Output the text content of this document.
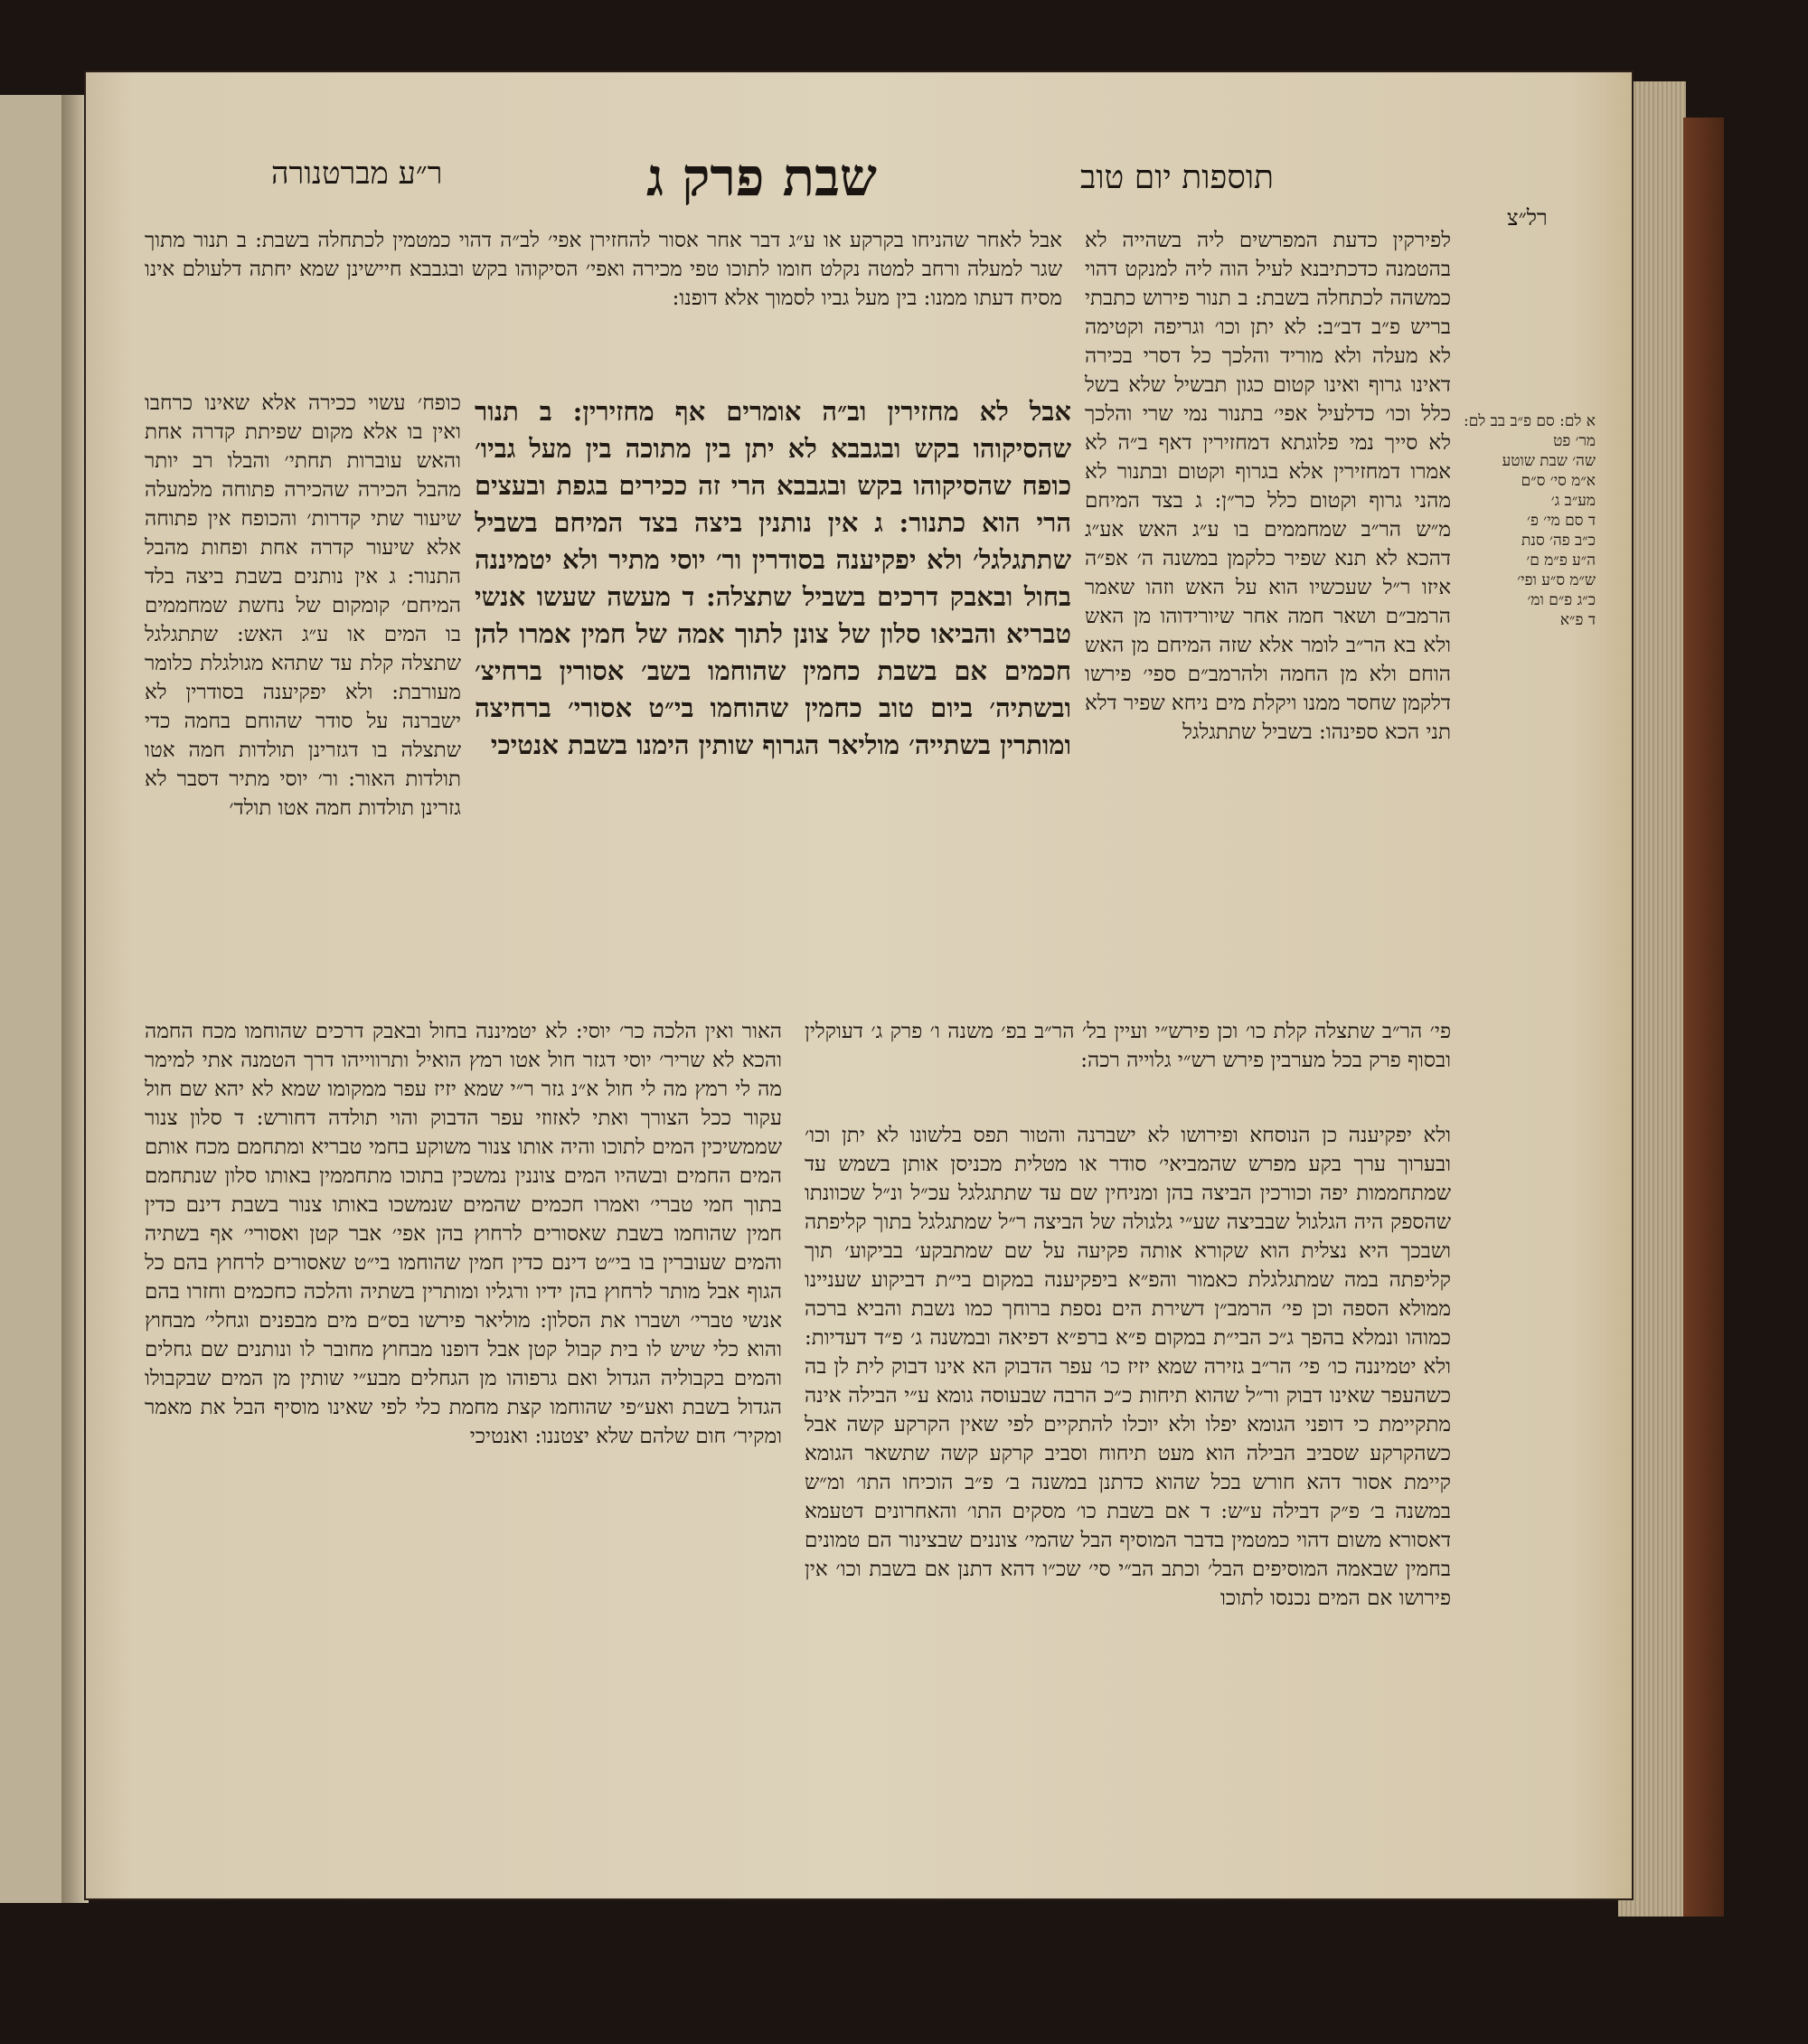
תוספות יום טוב
שבת פרק ג
ר״ע מברטנורה
רל״צ
א לם: סם פ״ב בב לם: מר׳ פט
שה׳ שבת שוטע
א״מ סי׳ ס״ם
מע״ב ג׳
ד סם מי׳ פ׳
כ״ב פה׳ סנת
ה״ע פ״מ ם׳
ש״מ ס״ע ופי׳
כ״ג פ״ם ומ׳
ד פ״א

לפירקין כדעת המפרשים ליה בשהייה לא בהטמנה כדכתיבנא לעיל הוה ליה למנקט דהוי כמשהה לכתחלה בשבת: ב תנור פירוש כתבתי בריש פ״ב דב״ב: לא יתן וכו׳ וגריפה וקטימה לא מעלה ולא מוריד והלכך כל דסרי בכירה דאינו גרוף ואינו קטום כגון תבשיל שלא בשל כלל וכו׳ כדלעיל אפי׳ בתנור נמי שרי והלכך לא סייך נמי פלוגתא דמחזירין דאף ב״ה לא אמרו דמחזירין אלא בגרוף וקטום ובתנור לא מהני גרוף וקטום כלל כר״ן: ג בצד המיחם מ״ש הר״ב שמחממים בו ע״ג האש אע״ג דהכא לא תנא שפיר כלקמן במשנה ה׳ אפ״ה איזו ר״ל שעכשיו הוא על האש וזהו שאמר הרמב״ם ושאר חמה אחר שיורידוהו מן האש ולא בא הר״ב לומר אלא שזה המיחם מן האש הוחם ולא מן החמה ולהרמב״ם ספי׳ פירשו דלקמן שחסר ממנו ויקלת מים ניחא שפיר דלא תני הכא ספינהו: בשביל שתתגלגל

אבל לא מחזירין וב״ה אומרים אף מחזירין: ב תנור שהסיקוהו בקש ובגבבא לא יתן בין מתוכה בין מעל גביו׳ כופח שהסיקוהו בקש ובגבבא הרי זה ככירים בגפת ובעצים הרי הוא כתנור: ג אין נותנין ביצה בצד המיחם בשביל שתתגלגל׳ ולא יפקיענה בסודרין ור׳ יוסי מתיר ולא יטמיננה בחול ובאבק דרכים בשביל שתצלה: ד מעשה שעשו אנשי טבריא והביאו סלון של צונן לתוך אמה של חמין אמרו להן חכמים אם בשבת כחמין שהוחמו בשב׳ אסורין ברחיצ׳ ובשתיה׳ ביום טוב כחמין שהוחמו בי״ט אסורי׳ ברחיצה ומותרין בשתייה׳ מוליאר הגרוף שותין הימנו בשבת אנטיכי

אבל לאחר שהניחו בקרקע או ע״ג דבר אחר אסור להחזירן אפי׳ לב״ה דהוי כמטמין לכתחלה בשבת: ב תנור מתוך שגר למעלה ורחב למטה נקלט חומו לתוכו טפי מכירה ואפי׳ הסיקוהו בקש ובגבבא חיישינן שמא יחתה דלעולם אינו מסיח דעתו ממנו: בין מעל גביו לסמוך אלא דופנו:

כופח׳ עשוי ככירה אלא שאינו כרחבו ואין בו אלא מקום שפיתת קדרה אחת והאש עוברות תחתי׳ והבלו רב יותר מהבל הכירה שהכירה פתוחה מלמעלה שיעור שתי קדרות׳ והכופח אין פתוחה אלא שיעור קדרה אחת ופחות מהבל התנור: ג אין נותנים בשבת ביצה בלד המיחם׳ קומקום של נחשת שמחממים בו המים או ע״ג האש: שתתגלגל שתצלה קלת עד שתהא מגולגלת כלומר מעורבת: ולא יפקיענה בסודרין לא ישברנה על סודר שהוחם בחמה כדי שתצלה בו דגזרינן תולדות חמה אטו תולדות האור: ור׳ יוסי מתיר דסבר לא גזרינן תולדות חמה אטו תולד׳

האור ואין הלכה כר׳ יוסי: לא יטמיננה בחול ובאבק דרכים שהוחמו מכח החמה והכא לא שריר׳ יוסי דגזר חול אטו רמץ הואיל ותרווייהו דרך הטמנה אתי למימר מה לי רמץ מה לי חול א״נ גזר ר״י שמא יזיז עפר ממקומו שמא לא יהא שם חול עקור ככל הצורך ואתי לאזוזי עפר הדבוק והוי תולדה דחורש: ד סלון צנור שממשיכין המים לתוכו והיה אותו צנור משוקע בחמי טבריא ומתחמם מכח אותם המים החמים ובשהיו המים צוננין נמשכין בתוכו מתחממין באותו סלון שנתחמם בתוך חמי טברי׳ ואמרו חכמים שהמים שנמשכו באותו צנור בשבת דינם כדין חמין שהוחמו בשבת שאסורים לרחוץ בהן אפי׳ אבר קטן ואסורי׳ אף בשתיה והמים שעוברין בו בי״ט דינם כדין חמין שהוחמו בי״ט שאסורים לרחוץ בהם כל הגוף אבל מותר לרחוץ בהן ידיו ורגליו ומותרין בשתיה והלכה כחכמים וחזרו בהם אנשי טברי׳ ושברו את הסלון: מוליאר פירשו בס״ם מים מבפנים וגחלי׳ מבחוץ והוא כלי שיש לו בית קבול קטן אבל דופנו מבחוץ מחובר לו ונותנים שם גחלים והמים בקבוליה הגדול ואם גרפוהו מן הגחלים מבע״י שותין מן המים שבקבולו הגדול בשבת ואע״פי שהוחמו קצת מחמת כלי לפי שאינו מוסיף הבל את מאמר ומקיר׳ חום שלהם שלא יצטננו: ואנטיכי

פי׳ הר״ב שתצלה קלת כו׳ וכן פירש״י ועיין בל׳ הר״ב בפ׳ משנה ו׳ פרק ג׳ דעוקלין ובסוף פרק בכל מערבין פירש רש״י גלוייה רכה:

ולא יפקיענה כן הנוסחא ופירושו לא ישברנה והטור תפס בלשונו לא יתן וכו׳ ובערוך ערך בקע מפרש שהמביאי׳ סודר או מטלית מכניסן אותן בשמש עד שמתחממות יפה וכורכין הביצה בהן ומניחין שם עד שתתגלגל עכ״ל ונ״ל שכוונתו שהספק היה הגלגול שבביצה שע״י גלגולה של הביצה ר״ל שמתגלגל בתוך קליפתה ושבכך היא נצלית הוא שקורא אותה פקיעה על שם שמתבקע׳ בביקוע׳ תוך קליפתה במה שמתגלגלת כאמור והפ״א ביפקיענה במקום בי״ת דביקוע שעניינו ממולא הספה וכן פי׳ הרמב״ן דשירת הים נספת ברוחך כמו נשבת והביא ברכה כמוהו ונמלא בהפך ג״כ הבי״ת במקום פ״א ברפ״א דפיאה ובמשנה ג׳ פ״ד דעדיות: ולא יטמיננה כו׳ פי׳ הר״ב גזירה שמא יזיז כו׳ עפר הדבוק הא אינו דבוק לית לן בה כשהעפר שאינו דבוק ור״ל שהוא תיחות כ״כ הרבה שבעוסה גומא ע״י הבילה אינה מתקיימת כי דופני הגומא יפלו ולא יוכלו להתקיים לפי שאין הקרקע קשה אבל כשהקרקע שסביב הבילה הוא מעט תיחוח וסביב קרקע קשה שתשאר הגומא קיימת אסור דהא חורש בכל שהוא כדתנן במשנה ב׳ פ״ב הוכיחו התו׳ ומ״ש במשנה ב׳ פ״ק דבילה ע״ש: ד אם בשבת כו׳ מסקים התו׳ והאחרונים דטעמא דאסורא משום דהוי כמטמין בדבר המוסיף הבל שהמי׳ צוננים שבצינור הם טמונים בחמין שבאמה המוסיפים הבל׳ וכתב הב״י סי׳ שכ״ו דהא דתנן אם בשבת וכו׳ אין פירושו אם המים נכנסו לתוכו
